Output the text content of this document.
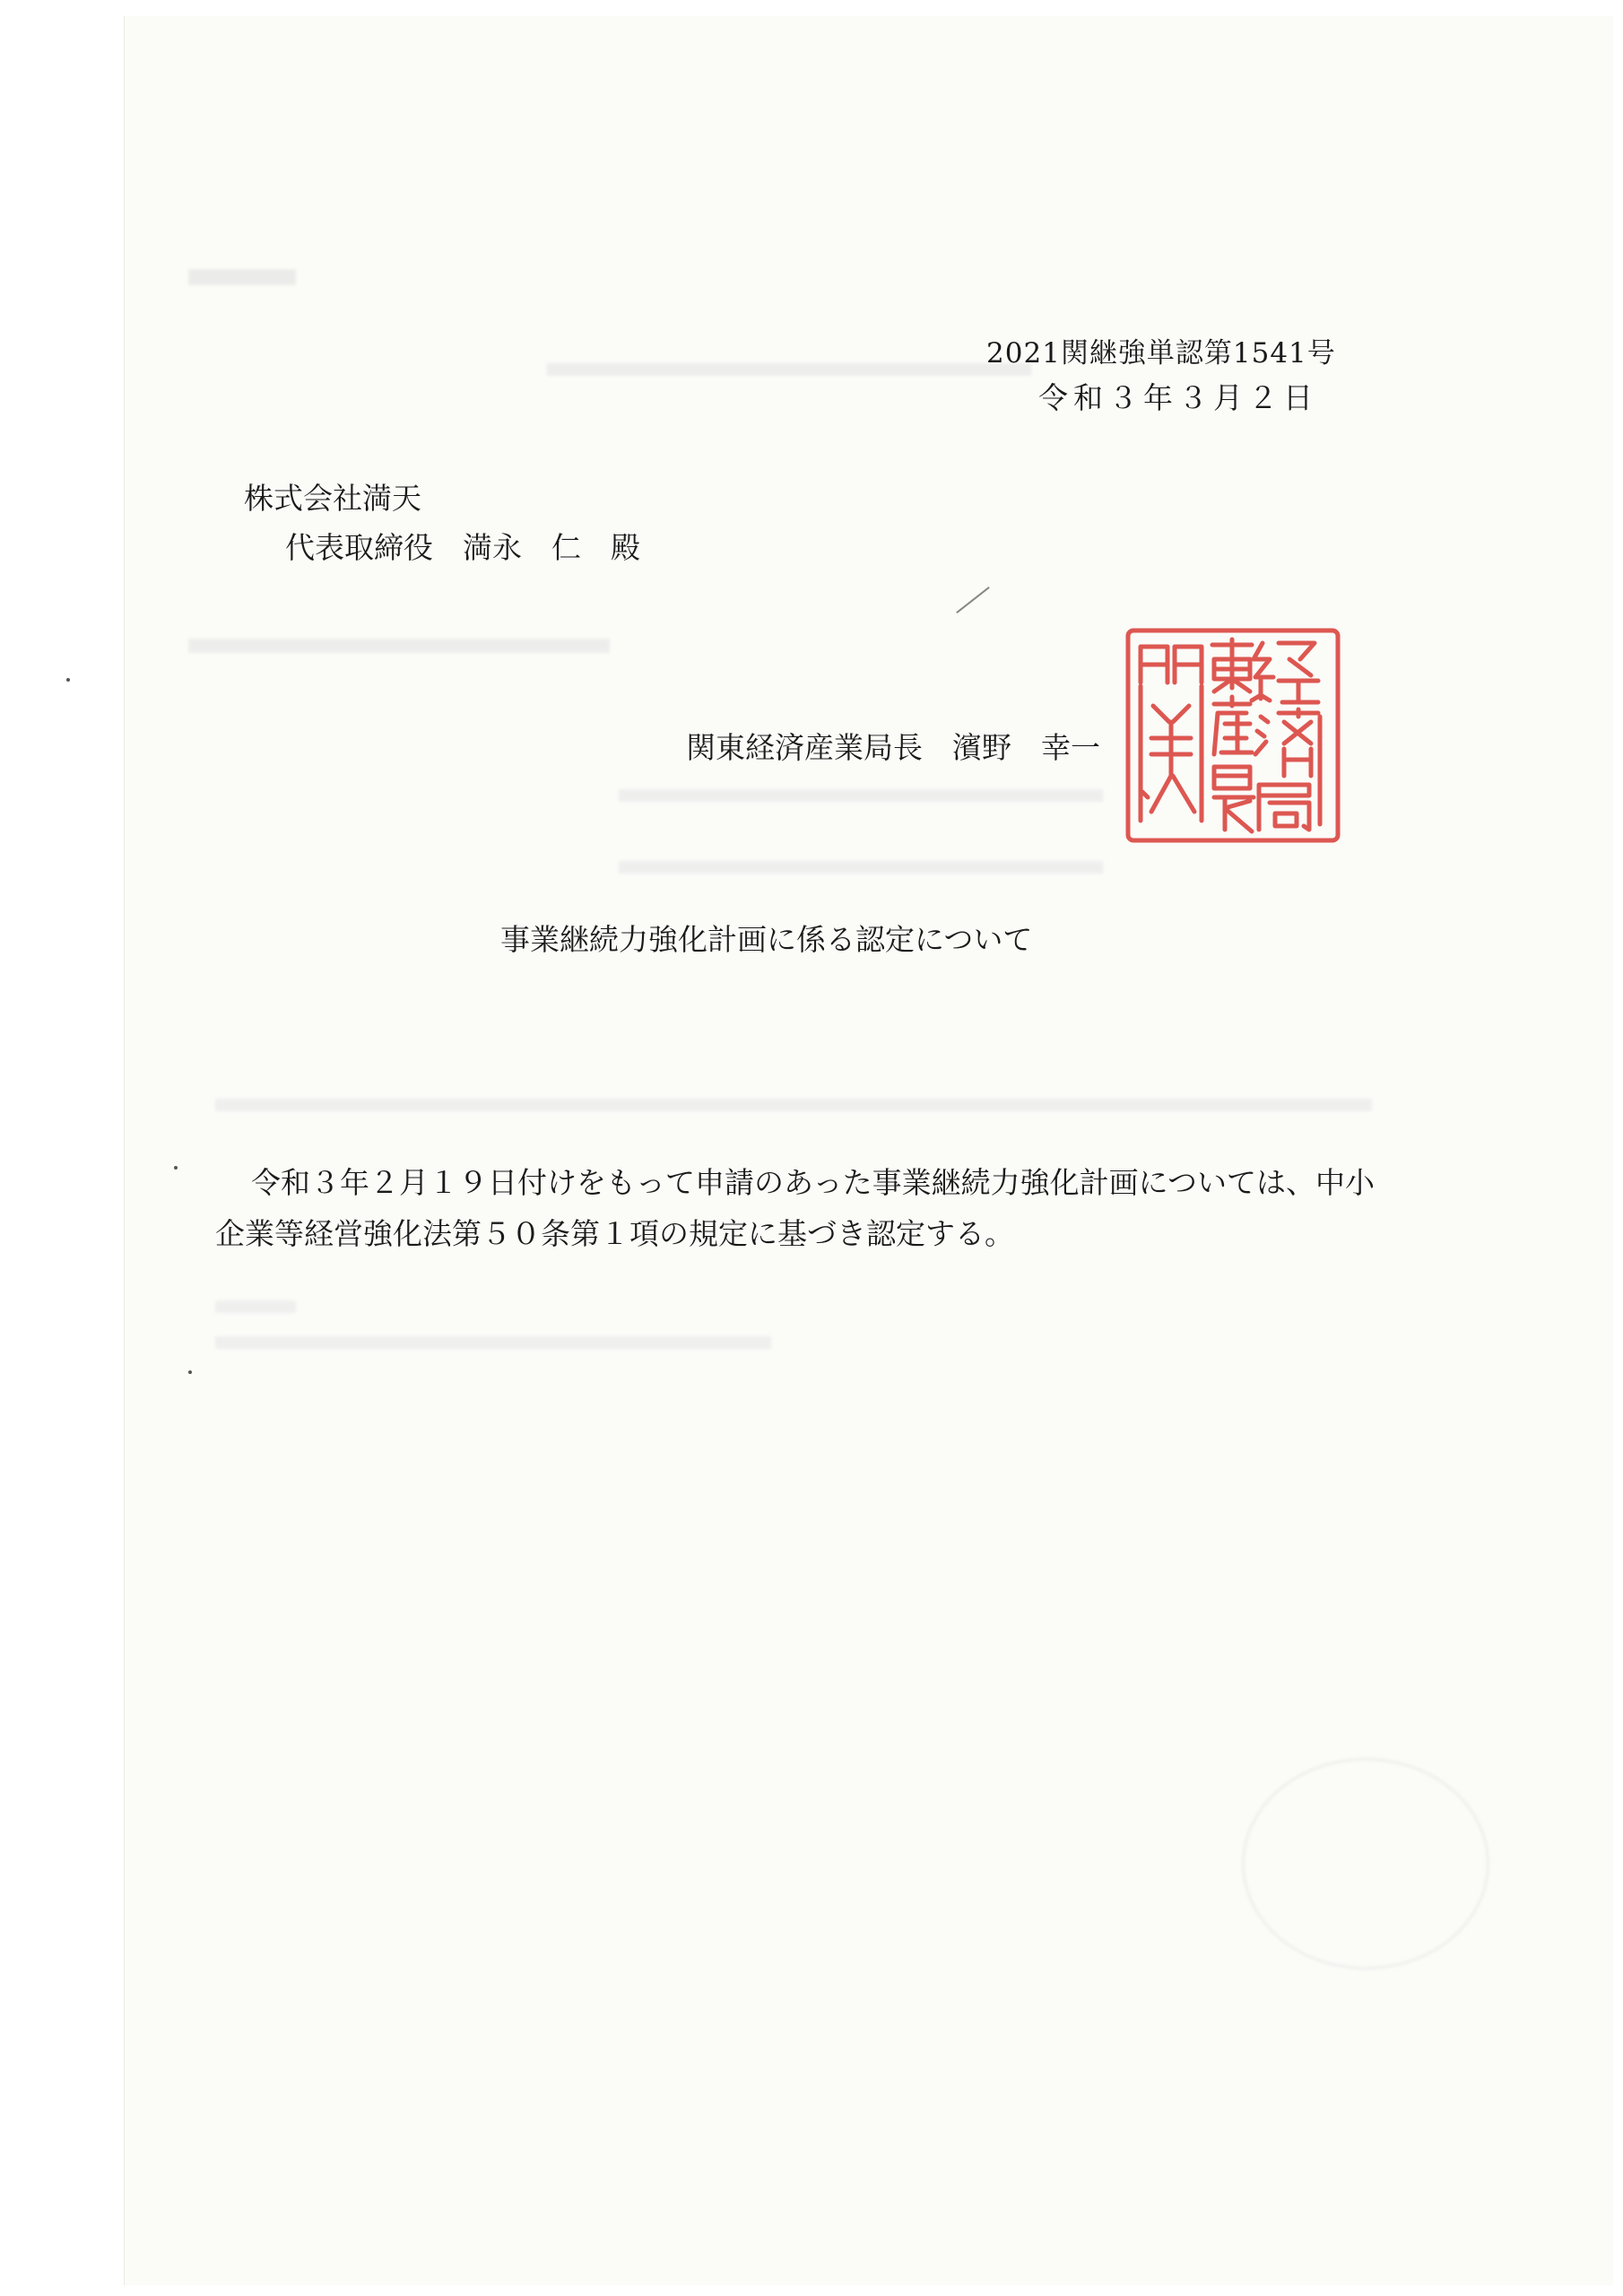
2021関継強単認第1541号
令和３年３月２日
株式会社満天
代表取締役　満永　仁　殿
関東経済産業局長　濱野　幸一
事業継続力強化計画に係る認定について
令和３年２月１９日付けをもって申請のあった事業継続力強化計画については、中小企業等経営強化法第５０条第１項の規定に基づき認定する。
